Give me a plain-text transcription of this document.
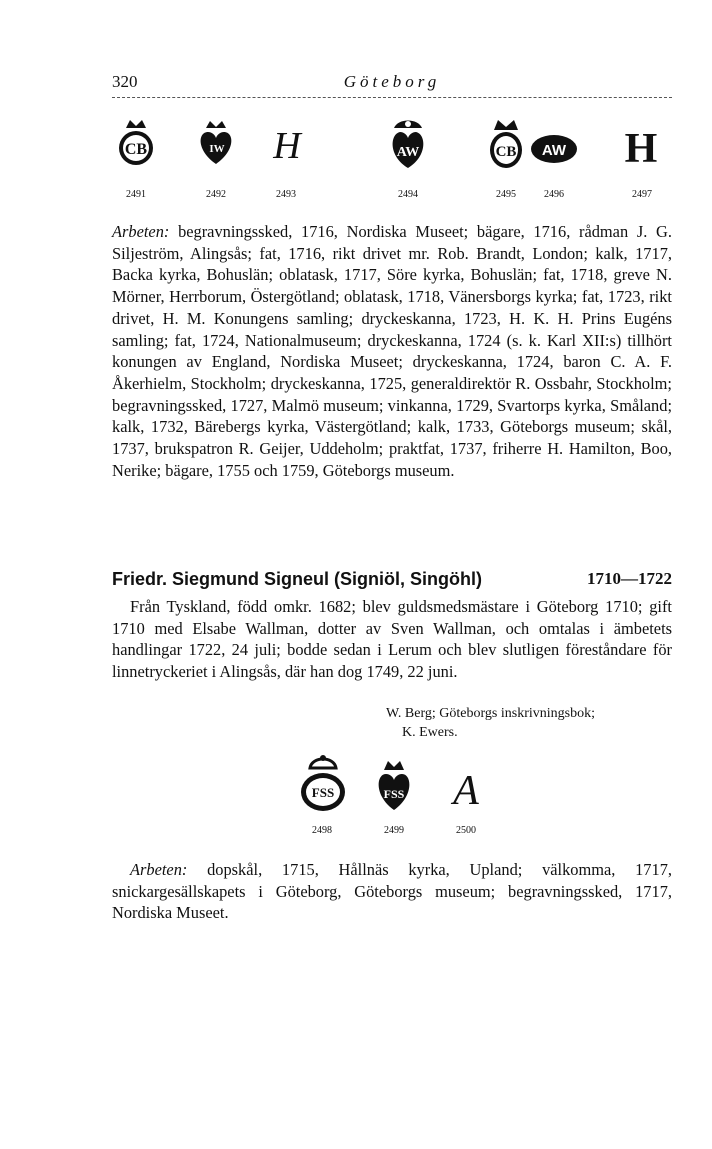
320	Göteborg
CB
2491
IW
2492
H
2493
AW
2494
CB
2495
AW
2496
H
2497

Arbeten: begravningssked, 1716, Nordiska Museet; bägare, 1716, rådman J. G. Siljeström, Alingsås; fat, 1716, rikt drivet mr. Rob. Brandt, London; kalk, 1717, Backa kyrka, Bohuslän; oblatask, 1717, Söre kyrka, Bohuslän; fat, 1718, greve N. Mörner, Herrborum, Östergötland; oblatask, 1718, Vänersborgs kyrka; fat, 1723, rikt drivet, H. M. Konungens samling; dryckeskanna, 1723, H. K. H. Prins Eugéns samling; fat, 1724, Nationalmuseum; dryckeskanna, 1724 (s. k. Karl XII:s) tillhört konungen av England, Nordiska Museet; dryckeskanna, 1724, baron C. A. F. Åkerhielm, Stockholm; dryckeskanna, 1725, generaldirektör R. Ossbahr, Stockholm; begravningssked, 1727, Malmö museum; vinkanna, 1729, Svartorps kyrka, Småland; kalk, 1732, Bärebergs kyrka, Västergötland; kalk, 1733, Göteborgs museum; skål, 1737, brukspatron R. Geijer, Uddeholm; praktfat, 1737, friherre H. Hamilton, Boo, Nerike; bägare, 1755 och 1759, Göteborgs museum.

Friedr. Siegmund Signeul (Signiöl, Singöhl)	1710—1722

Från Tyskland, född omkr. 1682; blev guldsmedsmästare i Göteborg 1710; gift 1710 med Elsabe Wallman, dotter av Sven Wallman, och omtalas i ämbetets handlingar 1722, 24 juli; bodde sedan i Lerum och blev slutligen föreståndare för linnetryckeriet i Alingsås, där han dog 1749, 22 juni.

W. Berg; Göteborgs inskrivningsbok;
K. Ewers.
FSS
2498
FSS
2499
A
2500

Arbeten: dopskål, 1715, Hållnäs kyrka, Upland; välkomma, 1717, snickargesällskapets i Göteborg, Göteborgs museum; begravningssked, 1717, Nordiska Museet.
